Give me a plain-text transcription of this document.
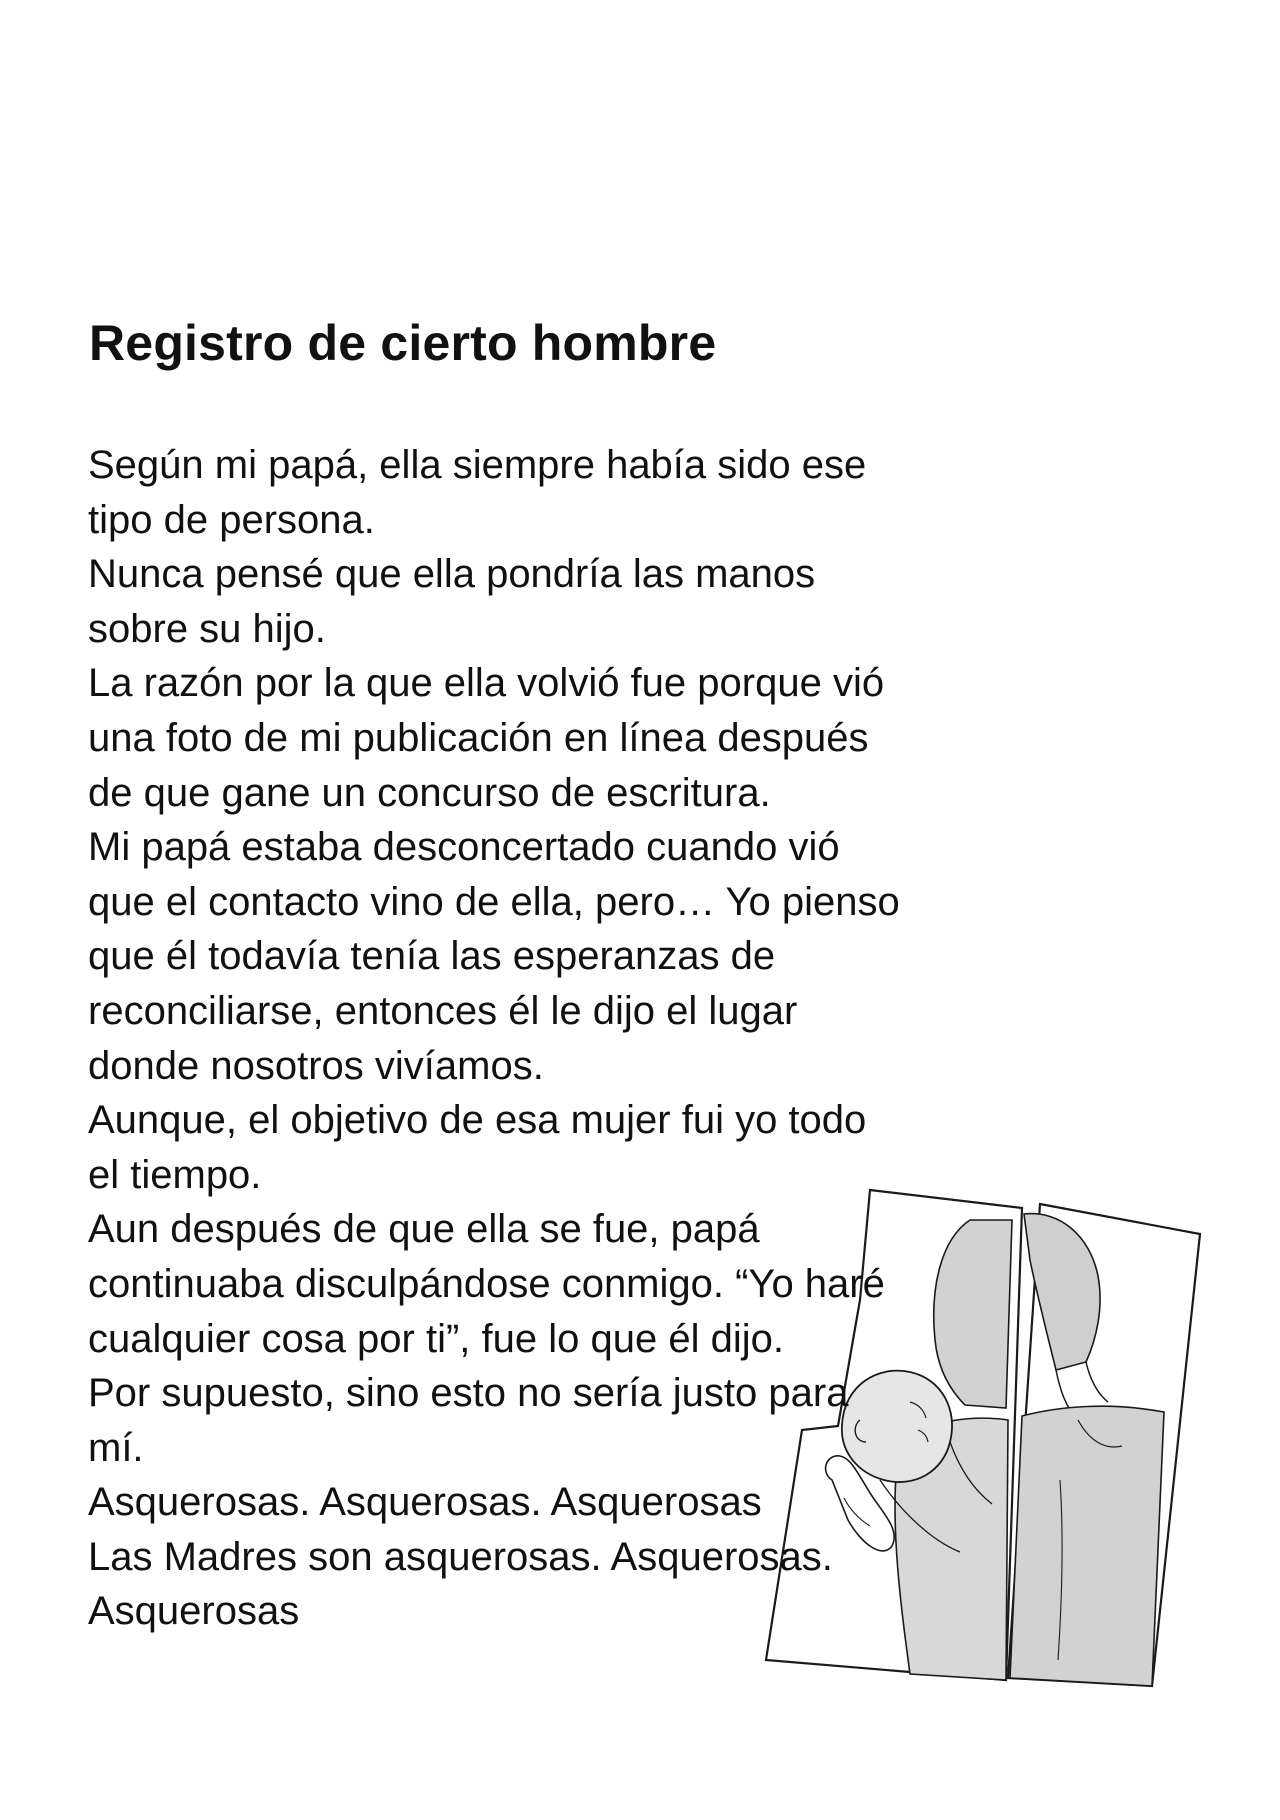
Registro de cierto hombre
Según mi papá, ella siempre había sido ese
tipo de persona.
Nunca pensé que ella pondría las manos
sobre su hijo.
La razón por la que ella volvió fue porque vió
una foto de mi publicación en línea después
de que gane un concurso de escritura.
Mi papá estaba desconcertado cuando vió
que el contacto vino de ella, pero… Yo pienso
que él todavía tenía las esperanzas de
reconciliarse, entonces él le dijo el lugar
donde nosotros vivíamos.
Aunque, el objetivo de esa mujer fui yo todo
el tiempo.
Aun después de que ella se fue, papá
continuaba disculpándose conmigo. “Yo haré
cualquier cosa por ti”, fue lo que él dijo.
Por supuesto, sino esto no sería justo para
mí.
Asquerosas. Asquerosas. Asquerosas
Las Madres son asquerosas. Asquerosas.
Asquerosas
